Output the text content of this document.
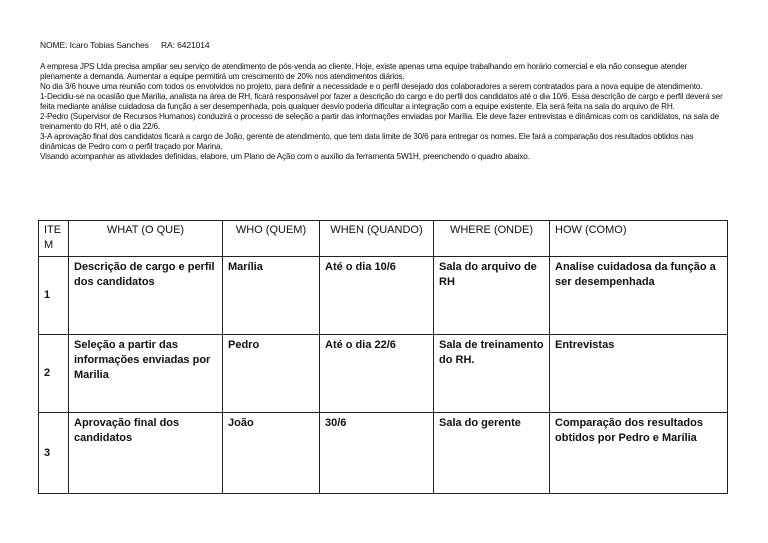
NOME: Icaro Tobias Sanches RA: 6421014

A empresa JPS Ltda precisa ampliar seu serviço de atendimento de pós-venda ao cliente. Hoje, existe apenas uma equipe trabalhando em horário comercial e ela não consegue atender plenamente a demanda. Aumentar a equipe permitirá um crescimento de 20% nos atendimentos diários.

No dia 3/6 houve uma reunião com todos os envolvidos no projeto, para definir a necessidade e o perfil desejado dos colaboradores a serem contratados para a nova equipe de atendimento.

1-Decidiu-se na ocasião que Marília, analista na área de RH, ficará responsável por fazer a descrição do cargo e do perfil dos candidatos até o dia 10/6. Essa descrição de cargo e perfil deverá ser feita mediante análise cuidadosa da função a ser desempenhada, pois qualquer desvio poderia dificultar a integração com a equipe existente. Ela será feita na sala do arquivo de RH.

2-Pedro (Supervisor de Recursos Humanos) conduzirá o processo de seleção a partir das informações enviadas por Marília. Ele deve fazer entrevistas e dinâmicas com os candidatos, na sala de treinamento do RH, até o dia 22/6.

3-A aprovação final dos candidatos ficará a cargo de João, gerente de atendimento, que tem data limite de 30/6 para entregar os nomes. Ele fará a comparação dos resultados obtidos nas dinâmicas de Pedro com o perfil traçado por Marina.

Visando acompanhar as atividades definidas, elabore, um Plano de Ação com o auxílio da ferramenta 5W1H, preenchendo o quadro abaixo.

ITE M	WHAT (O QUE)	WHO (QUEM)	WHEN (QUANDO)	WHERE (ONDE)	HOW (COMO)
1	Descrição de cargo e perfil dos candidatos	Marília	Até o dia 10/6	Sala do arquivo de RH	Analise cuidadosa da função a ser desempenhada
2	Seleção a partir das informações enviadas por Marilia	Pedro	Até o dia 22/6	Sala de treinamento do RH.	Entrevistas
3	Aprovação final dos candidatos	João	30/6	Sala do gerente	Comparação dos resultados obtidos por Pedro e Marília
